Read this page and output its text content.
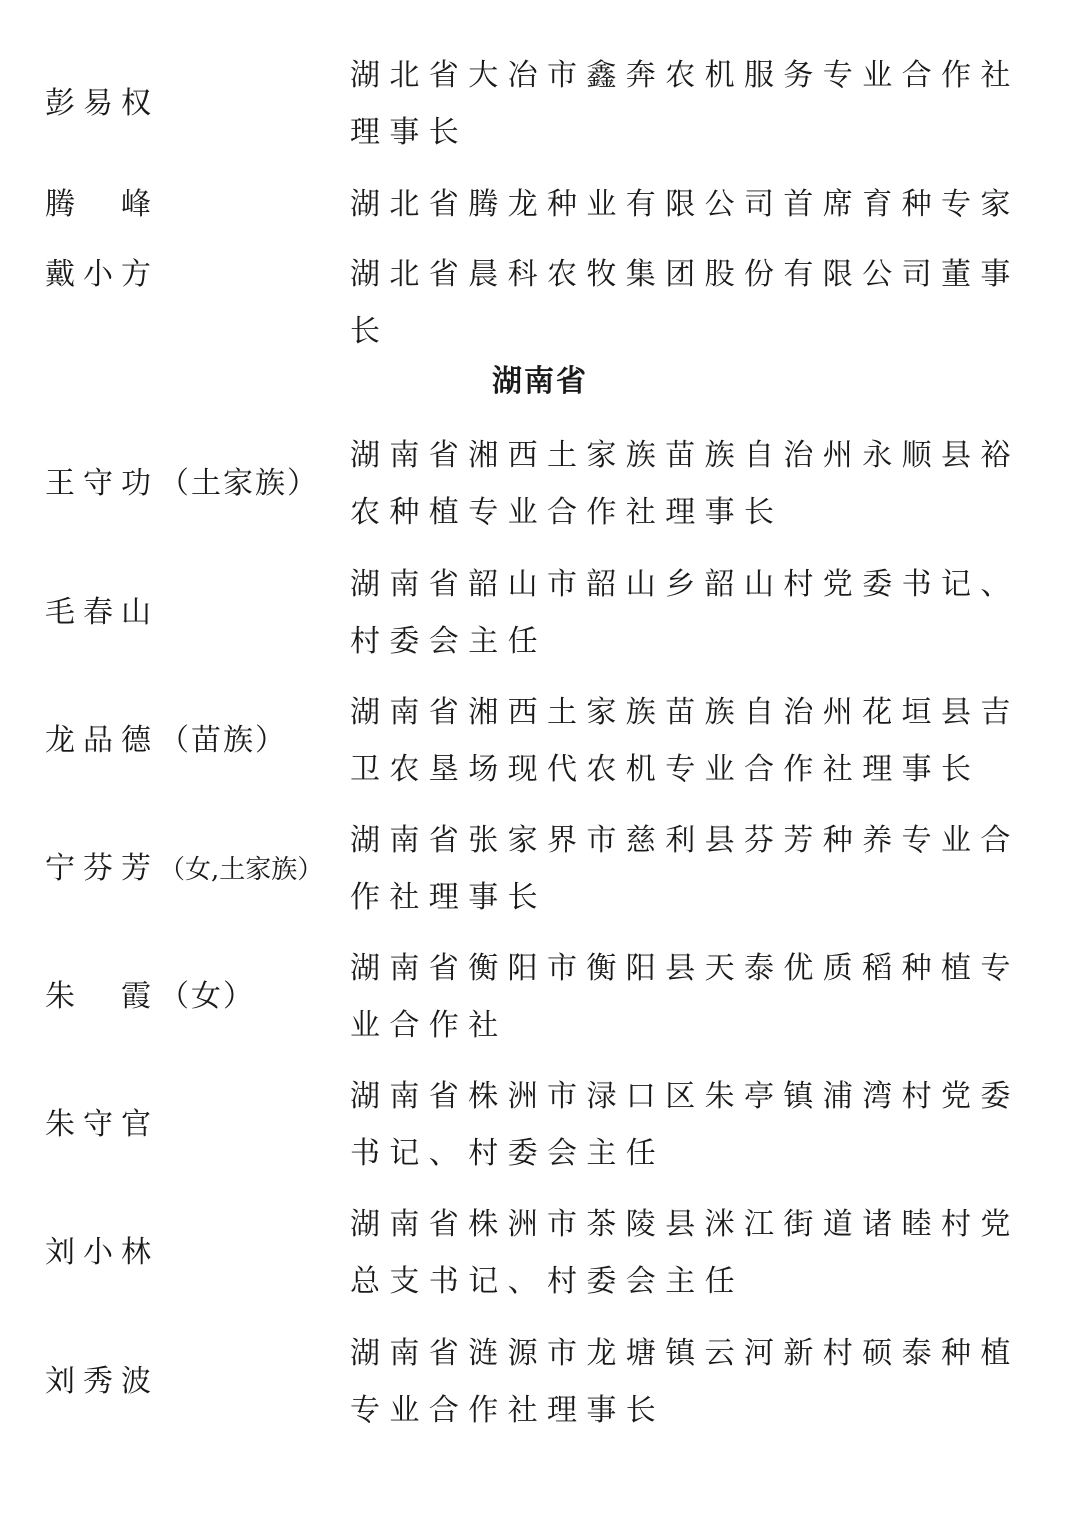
彭易权

湖北省大冶市鑫奔农机服务专业合作社理事长

腾　峰	湖北省腾龙种业有限公司首席育种专家

戴小方	湖北省晨科农牧集团股份有限公司董事长

湖南省
王守功（土家族）

湖南省湘西土家族苗族自治州永顺县裕农种植专业合作社理事长

毛春山

湖南省韶山市韶山乡韶山村党委书记、村委会主任

龙品德（苗族）

湖南省湘西土家族苗族自治州花垣县吉卫农垦场现代农机专业合作社理事长

宁芬芳（女,土家族）

湖南省张家界市慈利县芬芳种养专业合作社理事长

朱　霞（女）

湖南省衡阳市衡阳县天泰优质稻种植专业合作社

朱守官

湖南省株洲市渌口区朱亭镇浦湾村党委书记、村委会主任

刘小林

湖南省株洲市茶陵县洣江街道诸睦村党总支书记、村委会主任

刘秀波

湖南省涟源市龙塘镇云河新村硕泰种植专业合作社理事长
